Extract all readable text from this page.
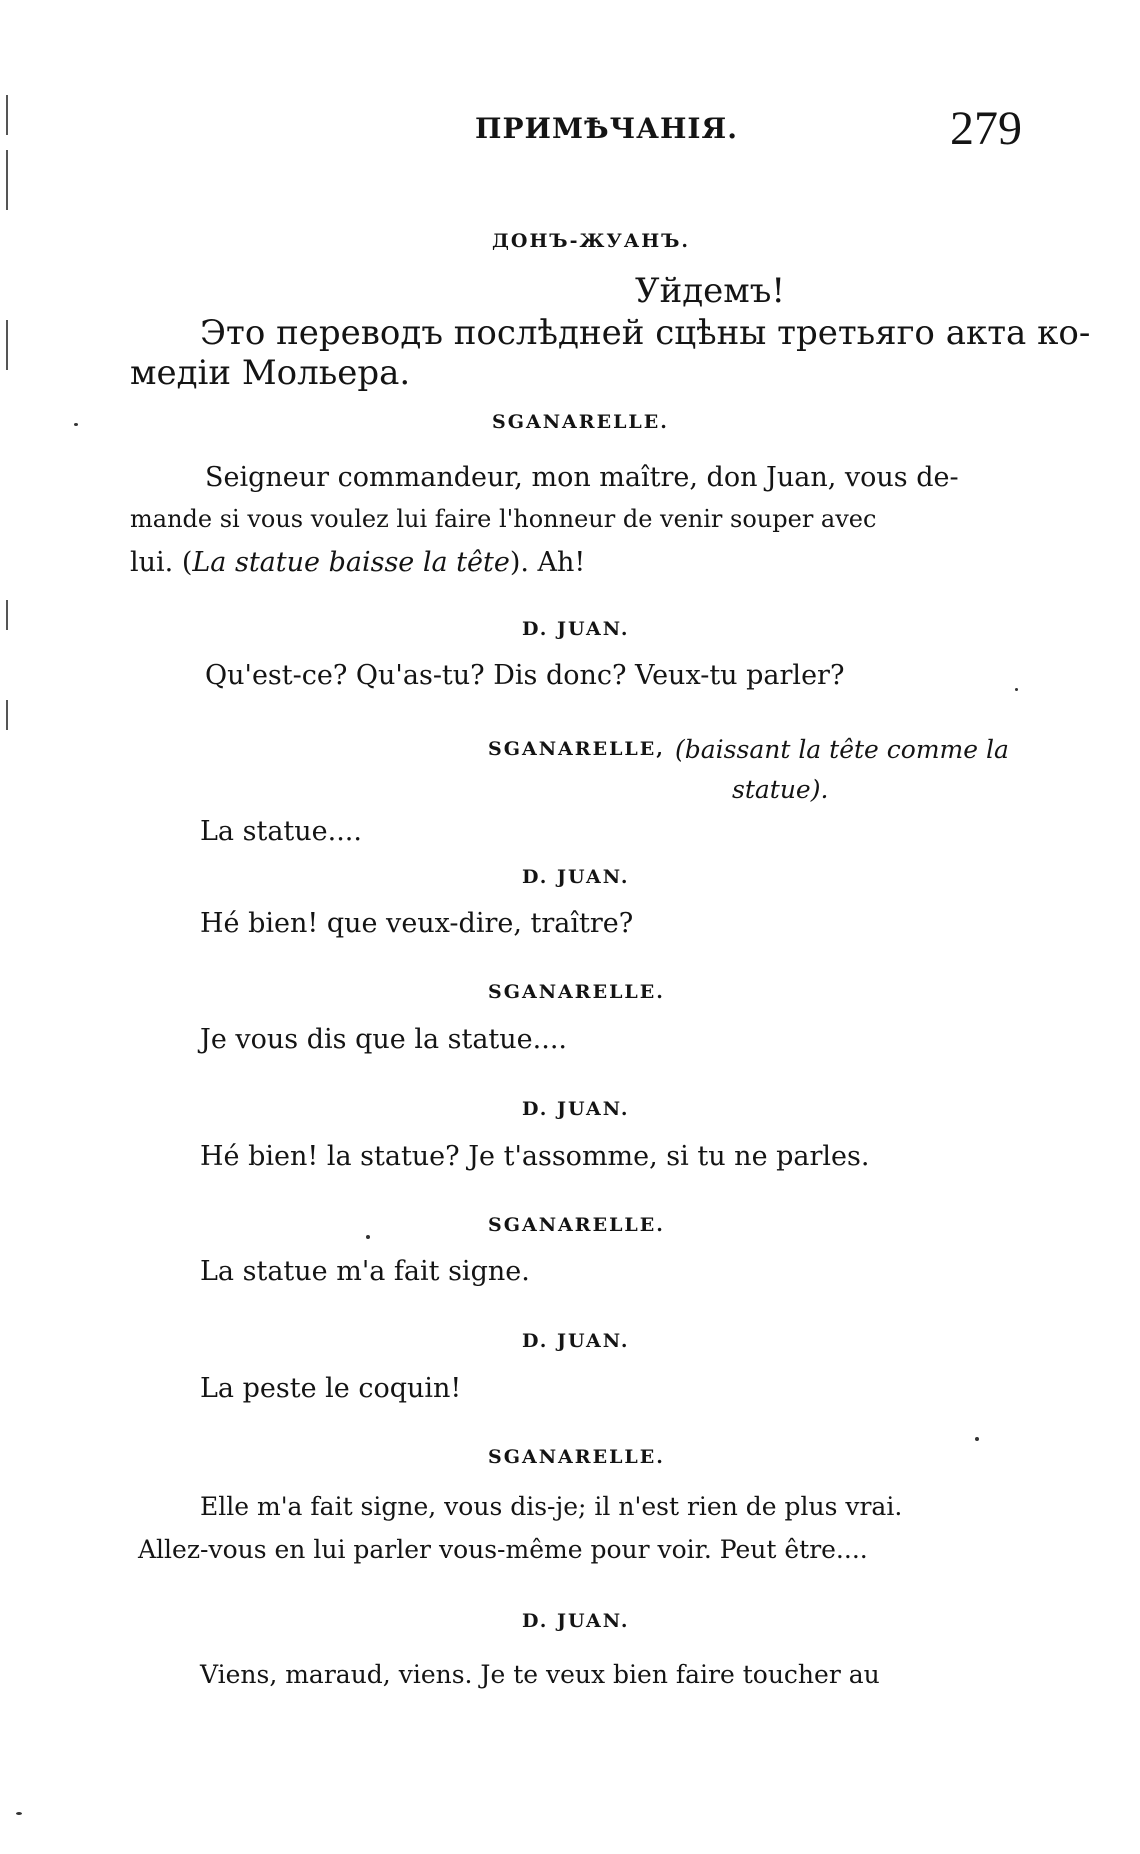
ПРИМѢЧАНІЯ.	279
ДОНЪ-ЖУАНЪ.
Уйдемъ!
Это переводъ послѣдней сцѣны третьяго акта ко-
медіи Мольера.
SGANARELLE.
Seigneur commandeur, mon maître, don Juan, vous de-
mande si vous voulez lui faire l'honneur de venir souper avec
lui. (La statue baisse la tête). Ah!
D. JUAN.
Qu'est-ce? Qu'as-tu? Dis donc? Veux-tu parler?
SGANARELLE, (baissant la tête comme la
statue).
La statue....
D. JUAN.
Hé bien! que veux-dire, traître?
SGANARELLE.
Je vous dis que la statue....
D. JUAN.
Hé bien! la statue? Je t'assomme, si tu ne parles.
SGANARELLE.
La statue m'a fait signe.
D. JUAN.
La peste le coquin!
SGANARELLE.
Elle m'a fait signe, vous dis-je; il n'est rien de plus vrai.
Allez-vous en lui parler vous-même pour voir. Peut être....
D. JUAN.
Viens, maraud, viens. Je te veux bien faire toucher au
